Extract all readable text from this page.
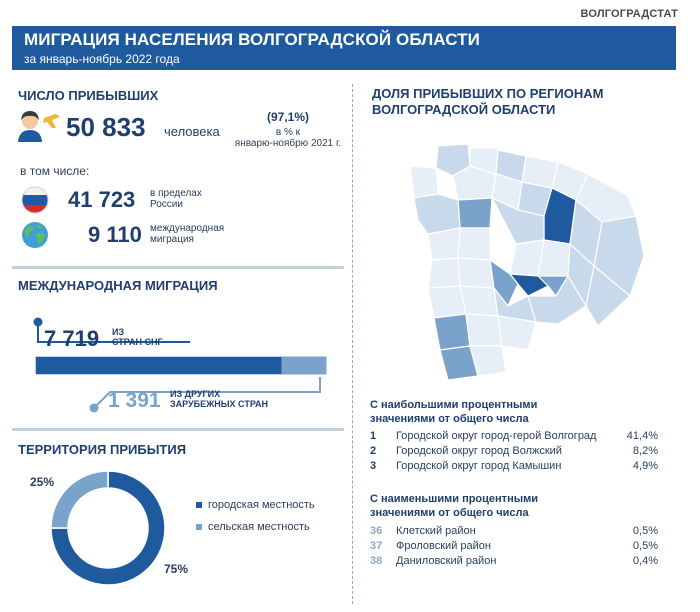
ВОЛГОГРАДСТАТ
МИГРАЦИЯ НАСЕЛЕНИЯ ВОЛГОГРАДСКОЙ ОБЛАСТИ
за январь-ноябрь 2022 года
ЧИСЛО ПРИБЫВШИХ
50 833 человека
(97,1%)
в % к
январю-ноябрю 2021 г.
в том числе:
41 723 в пределах
России
9 110 международная
миграция
МЕЖДУНАРОДНАЯ МИГРАЦИЯ
7 719 ИЗ
СТРАН СНГ
1 391 ИЗ ДРУГИХ
ЗАРУБЕЖНЫХ СТРАН
ТЕРРИТОРИЯ ПРИБЫТИЯ
25%
75%
городская местность
сельская местность
ДОЛЯ ПРИБЫВШИХ ПО РЕГИОНАМ
ВОЛГОГРАДСКОЙ ОБЛАСТИ
С наибольшими процентными
значениями от общего числа
1	Городской округ город-герой Волгоград	41,4%
2	Городской округ город Волжский	8,2%
3	Городской округ город Камышин	4,9%
С наименьшими процентными
значениями от общего числа
36 Клетский район	0,5%
37 Фроловский район	0,5%
38 Даниловский район	0,4%
